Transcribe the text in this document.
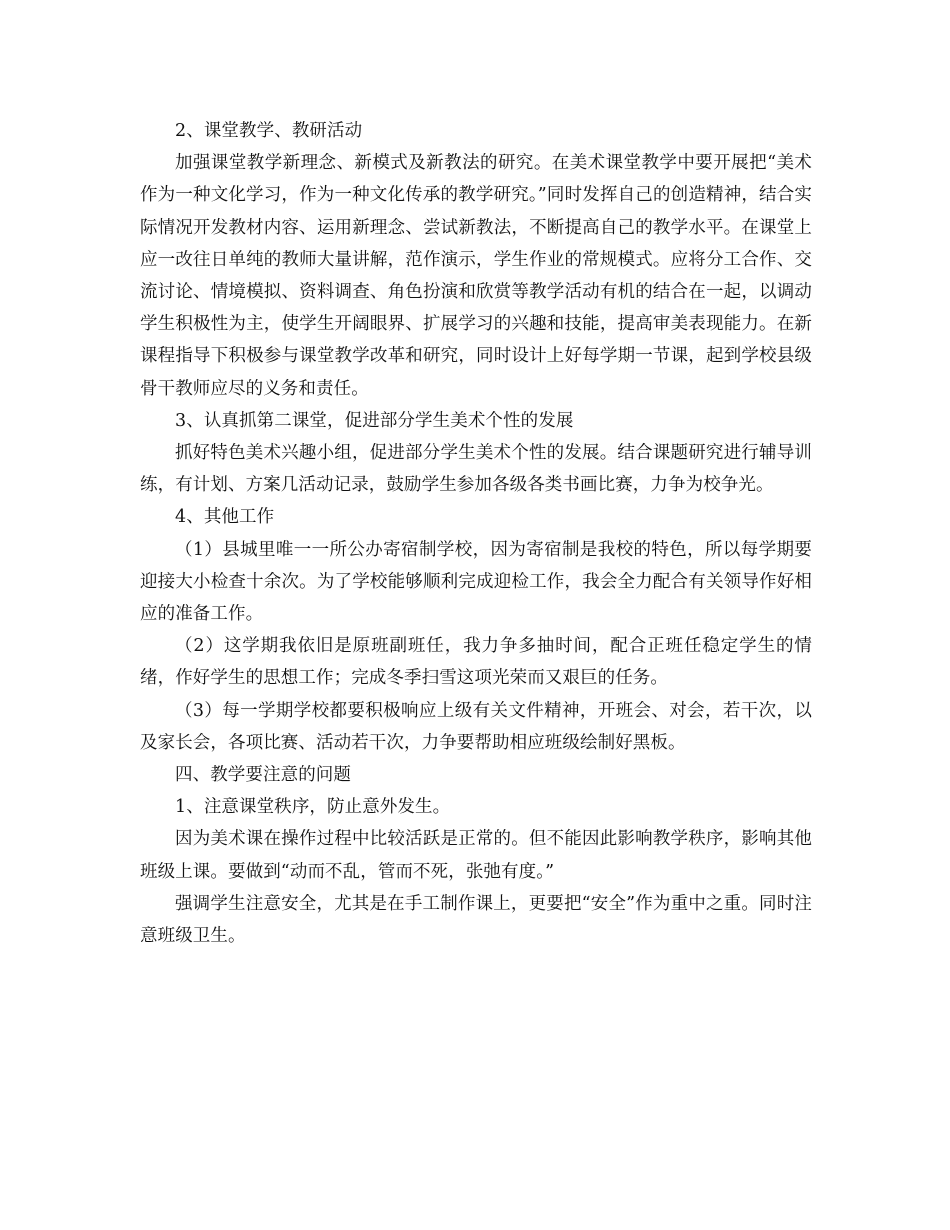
2、课堂教学、教研活动

加强课堂教学新理念、新模式及新教法的研究。在美术课堂教学中要开展把“美术作为一种文化学习，作为一种文化传承的教学研究。”同时发挥自己的创造精神，结合实际情况开发教材内容、运用新理念、尝试新教法，不断提高自己的教学水平。在课堂上应一改往日单纯的教师大量讲解，范作演示，学生作业的常规模式。应将分工合作、交流讨论、情境模拟、资料调查、角色扮演和欣赏等教学活动有机的结合在一起，以调动学生积极性为主，使学生开阔眼界、扩展学习的兴趣和技能，提高审美表现能力。在新课程指导下积极参与课堂教学改革和研究，同时设计上好每学期一节课，起到学校县级骨干教师应尽的义务和责任。

3、认真抓第二课堂，促进部分学生美术个性的发展

抓好特色美术兴趣小组，促进部分学生美术个性的发展。结合课题研究进行辅导训练，有计划、方案几活动记录，鼓励学生参加各级各类书画比赛，力争为校争光。

4、其他工作

（1）县城里唯一一所公办寄宿制学校，因为寄宿制是我校的特色，所以每学期要迎接大小检查十余次。为了学校能够顺利完成迎检工作，我会全力配合有关领导作好相应的准备工作。

（2）这学期我依旧是原班副班任，我力争多抽时间，配合正班任稳定学生的情绪，作好学生的思想工作；完成冬季扫雪这项光荣而又艰巨的任务。

（3）每一学期学校都要积极响应上级有关文件精神，开班会、对会，若干次，以及家长会，各项比赛、活动若干次，力争要帮助相应班级绘制好黑板。

四、教学要注意的问题

1、注意课堂秩序，防止意外发生。

因为美术课在操作过程中比较活跃是正常的。但不能因此影响教学秩序，影响其他班级上课。要做到“动而不乱，管而不死，张弛有度。”

强调学生注意安全，尤其是在手工制作课上，更要把“安全”作为重中之重。同时注意班级卫生。
